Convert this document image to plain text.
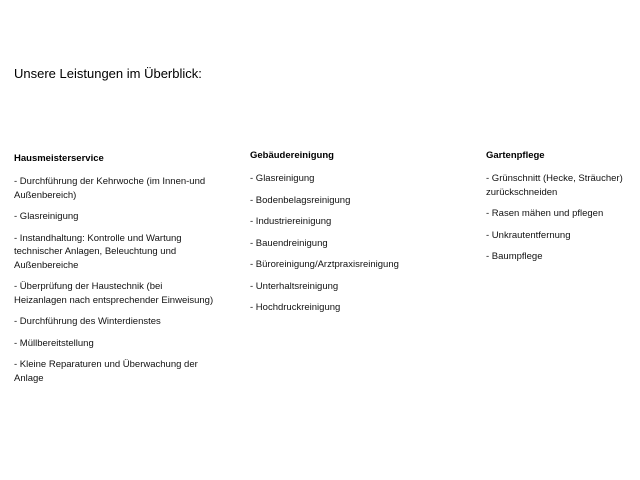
Unsere Leistungen im Überblick:
Hausmeisterservice
- Durchführung der Kehrwoche (im Innen-und Außenbereich)
- Glasreinigung
- Instandhaltung: Kontrolle und Wartung technischer Anlagen, Beleuchtung und Außenbereiche
- Überprüfung der Haustechnik (bei Heizanlagen nach entsprechender Einweisung)
- Durchführung des Winterdienstes
- Müllbereitstellung
- Kleine Reparaturen und Überwachung der Anlage
Gebäudereinigung
- Glasreinigung
- Bodenbelagsreinigung
- Industriereinigung
- Bauendreinigung
- Büroreinigung/Arztpraxisreinigung
- Unterhaltsreinigung
- Hochdruckreinigung
Gartenpflege
- Grünschnitt (Hecke, Sträucher) zurückschneiden
- Rasen mähen und pflegen
- Unkrautentfernung
- Baumpflege
